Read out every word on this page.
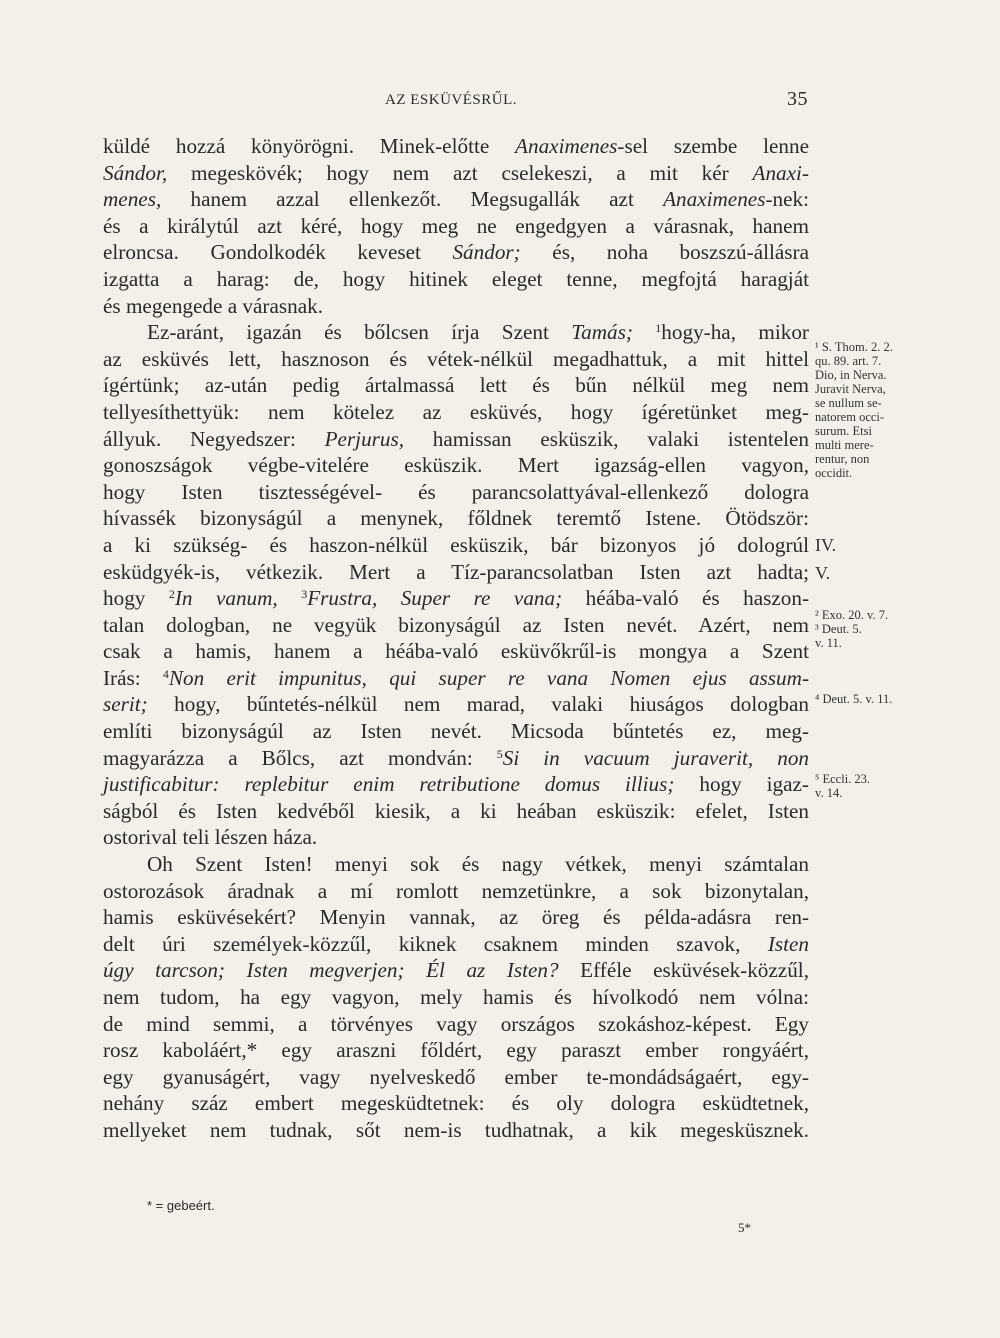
AZ ESKÜVÉSRŰL.	35
küldé hozzá könyörögni. Minek-előtte Anaximenes-sel szembe lenne
Sándor, megeskövék; hogy nem azt cselekeszi, a mit kér Anaxi-
menes, hanem azzal ellenkezőt. Megsugallák azt Anaximenes-nek:
és a királytúl azt kéré, hogy meg ne engedgyen a várasnak, hanem
elroncsa. Gondolkodék keveset Sándor; és, noha boszszú-állásra
izgatta a harag: de, hogy hitinek eleget tenne, megfojtá haragját
és megengede a várasnak.
Ez-aránt, igazán és bőlcsen írja Szent Tamás; $^1$hogy-ha, mikor
az esküvés lett, hasznoson és vétek-nélkül megadhattuk, a mit hittel
ígértünk; az-után pedig ártalmassá lett és bűn nélkül meg nem
tellyesíthettyük: nem kötelez az esküvés, hogy ígéretünket meg-
állyuk. Negyedszer: Perjurus, hamissan esküszik, valaki istentelen
gonoszságok végbe-vitelére esküszik. Mert igazság-ellen vagyon,
hogy Isten tisztességével- és parancsolattyával-ellenkező dologra
hívassék bizonyságúl a menynek, főldnek teremtő Istene. Ötödször:
a ki szükség- és haszon-nélkül esküszik, bár bizonyos jó dologrúl
esküdgyék-is, vétkezik. Mert a Tíz-parancsolatban Isten azt hadta;
hogy $^2$In vanum, $^3$Frustra, Super re vana; héába-való és haszon-
talan dologban, ne vegyük bizonyságúl az Isten nevét. Azért, nem
csak a hamis, hanem a héába-való esküvőkrűl-is mongya a Szent
Irás: $^4$Non erit impunitus, qui super re vana Nomen ejus assum-
serit; hogy, bűntetés-nélkül nem marad, valaki hiuságos dologban
említi bizonyságúl az Isten nevét. Micsoda bűntetés ez, meg-
magyarázza a Bőlcs, azt mondván: $^5$Si in vacuum juraverit, non
justificabitur: replebitur enim retributione domus illius; hogy igaz-
ságból és Isten kedvéből kiesik, a ki heában esküszik: efelet, Isten
ostorival teli lészen háza.
Oh Szent Isten! menyi sok és nagy vétkek, menyi számtalan
ostorozások áradnak a mí romlott nemzetünkre, a sok bizonytalan,
hamis esküvésekért? Menyin vannak, az öreg és példa-adásra ren-
delt úri személyek-közzűl, kiknek csaknem minden szavok, Isten
úgy tarcson; Isten megverjen; Él az Isten? Efféle esküvések-közzűl,
nem tudom, ha egy vagyon, mely hamis és hívolkodó nem vólna:
de mind semmi, a törvényes vagy országos szokáshoz-képest. Egy
rosz kaboláért,* egy araszni főldért, egy paraszt ember rongyáért,
egy gyanuságért, vagy nyelveskedő ember te-mondádságaért, egy-
nehány száz embert megesküdtetnek: és oly dologra esküdtetnek,
mellyeket nem tudnak, sőt nem-is tudhatnak, a kik megesküsznek.
¹ S. Thom. 2. 2.
qu. 89. art. 7.
Dio, in Nerva.
Juravit Nerva,
se nullum se-
natorem occi-
surum. Etsi
multi mere-
rentur, non
occidit.
IV.
V.
² Exo. 20. v. 7.
³ Deut. 5.
v. 11.
⁴ Deut. 5. v. 11.
⁵ Eccli. 23.
v. 14.
* = gebeért.
5*
